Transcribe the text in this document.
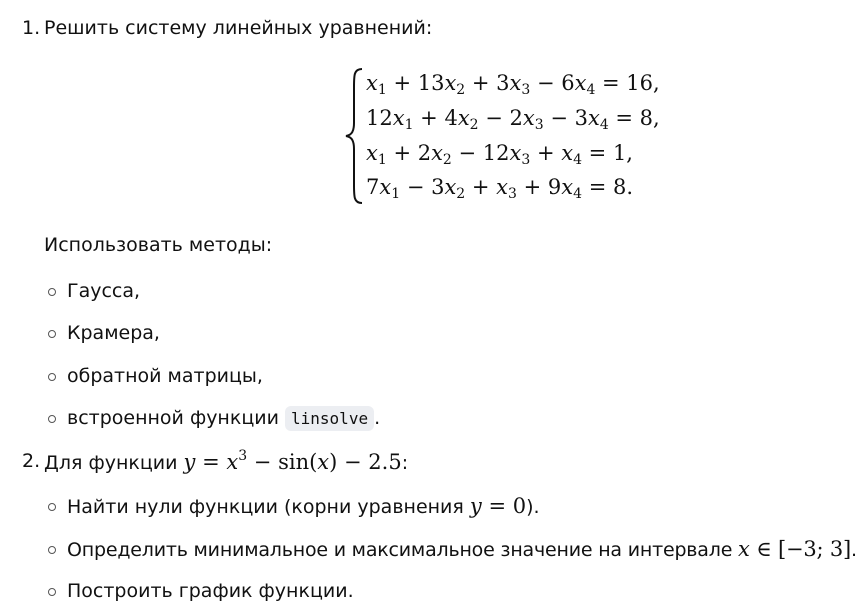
1. Решить систему линейных уравнений:
$x_1 + 13x_2 + 3x_3 - 6x_4 = 16$,
$12x_1 + 4x_2 - 2x_3 - 3x_4 = 8$,
$x_1 + 2x_2 - 12x_3 + x_4 = 1$,
$7x_1 - 3x_2 + x_3 + 9x_4 = 8$.
Использовать методы:
Гаусса,
Крамера,
обратной матрицы,
встроенной функции linsolve .
2. Для функции $y = x^3 - \sin(x) - 2.5$:
Найти нули функции (корни уравнения y = 0).
Определить минимальное и максимальное значение на интервале x ∈ [−3; 3].
Построить график функции.
